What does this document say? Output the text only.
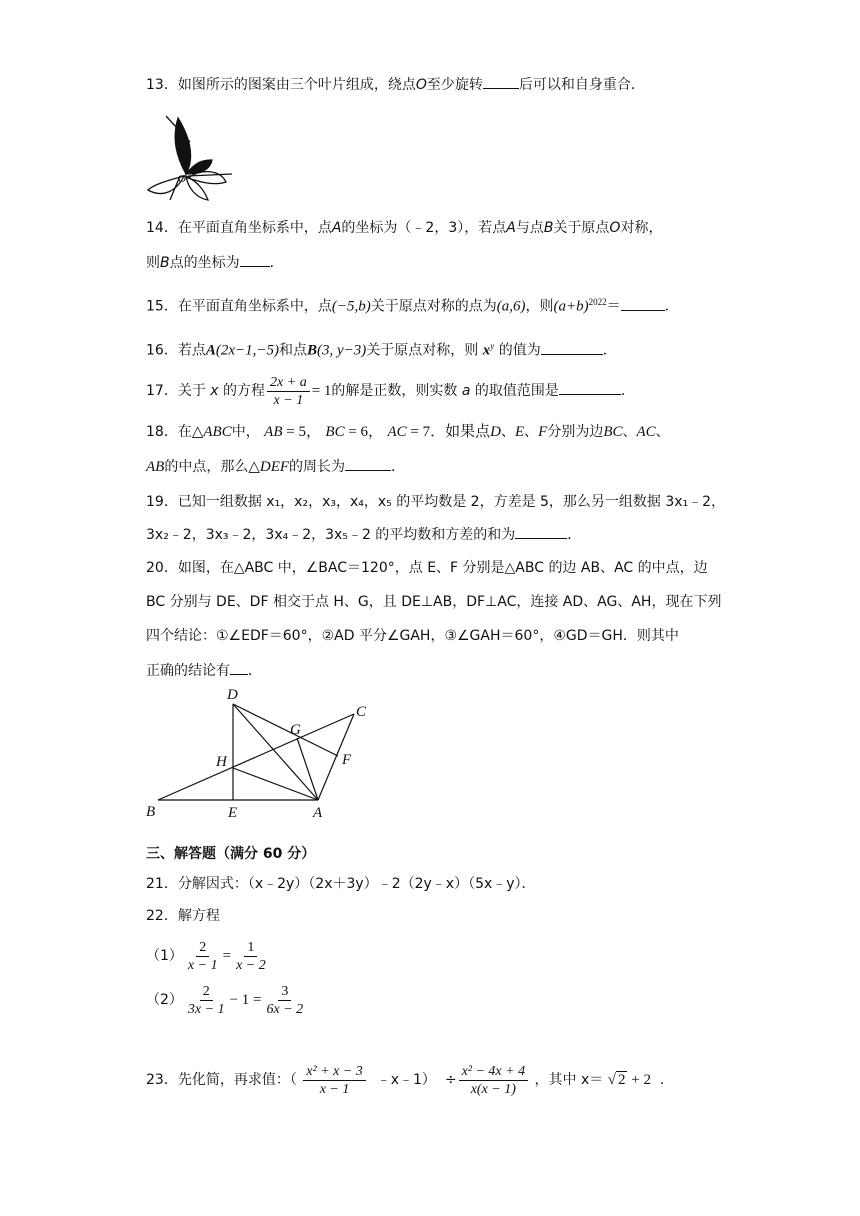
13．如图所示的图案由三个叶片组成，绕点O至少旋转	后可以和自身重合．
O
14．在平面直角坐标系中，点A的坐标为（﹣2，3），若点A与点B关于原点O对称，
则B点的坐标为 ．
15．在平面直角坐标系中，点(−5,b)关于原点对称的点为(a,6)，则$(a+b)^{2022}=$	．
16．若点A(2x−1,−5)和点B(3, y−3)关于原点对称，则 $x^y$ 的值为	．
17．关于 x 的方程 $\frac{2x + a}{x - 1} = 1$的解是正数，则实数 a 的取值范围是	．
18．在△ABC中， AB = 5， BC = 6， AC = 7．如果点D、E、F分别为边BC、AC、
AB的中点，那么△DEF的周长为	．
19．已知一组数据 x₁，x₂，x₃，x₄，x₅ 的平均数是 2，方差是 5，那么另一组数据 3x₁﹣2，
3x₂﹣2，3x₃﹣2，3x₄﹣2，3x₅﹣2 的平均数和方差的和为	．
20．如图，在△ABC 中，∠BAC＝120°，点 E、F 分别是△ABC 的边 AB、AC 的中点，边
BC 分别与 DE、DF 相交于点 H、G，且 DE⊥AB，DF⊥AC，连接 AD、AG、AH，现在下列
四个结论：①∠EDF＝60°，②AD 平分∠GAH，③∠GAH＝60°，④GD＝GH．则其中
正确的结论有 ．
D
C
G
H	F
B	E	A
三、解答题（满分 60 分）
21．分解因式：（x﹣2y）（2x＋3y）﹣2（2y﹣x）（5x﹣y）．
22．解方程
$(1) \frac{2}{x - 1} = \frac{1}{x - 2}$
$(2) \frac{2}{3x - 1} - 1 = \frac{3}{6x - 2}$
23．先化简，再求值：（ $\frac{\text{x² + x − 3}}{x - 1}$ ﹣x﹣1） ÷ $\frac{\text{x² − 4x + 4}}{x(x - 1)}$ ，其中 x＝ √ 2 + 2 ．
